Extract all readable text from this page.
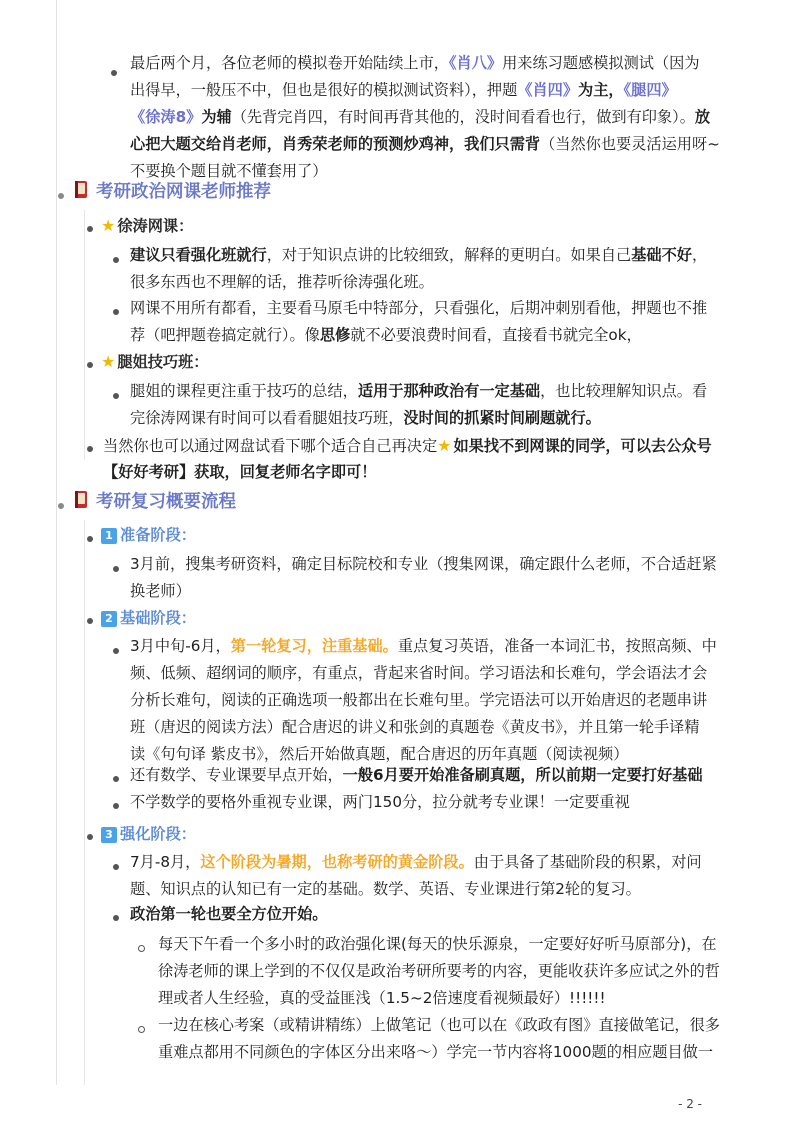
最后两个月，各位老师的模拟卷开始陆续上市，《肖八》用来练习题感模拟测试（因为
出得早，一般压不中，但也是很好的模拟测试资料），押题《肖四》为主，《腿四》
《徐涛8》为辅（先背完肖四，有时间再背其他的，没时间看看也行，做到有印象）。放
心把大题交给肖老师，肖秀荣老师的预测炒鸡神，我们只需背（当然你也要灵活运用呀~
不要换个题目就不懂套用了）
考研政治网课老师推荐
★ 徐涛网课：
建议只看强化班就行，对于知识点讲的比较细致，解释的更明白。如果自己基础不好，
很多东西也不理解的话，推荐听徐涛强化班。
网课不用所有都看，主要看马原毛中特部分，只看强化，后期冲刺别看他，押题也不推
荐（吧押题卷搞定就行）。像思修就不必要浪费时间看，直接看书就完全ok，
★ 腿姐技巧班：
腿姐的课程更注重于技巧的总结，适用于那种政治有一定基础，也比较理解知识点。看
完徐涛网课有时间可以看看腿姐技巧班，没时间的抓紧时间刷题就行。
当然你也可以通过网盘试看下哪个适合自己再决定★ 如果找不到网课的同学，可以去公众号
【好好考研】获取，回复老师名字即可！
考研复习概要流程
1 准备阶段：
3月前，搜集考研资料，确定目标院校和专业（搜集网课，确定跟什么老师，不合适赶紧
换老师）
2 基础阶段：
3月中旬-6月，第一轮复习，注重基础。重点复习英语，准备一本词汇书，按照高频、中
频、低频、超纲词的顺序，有重点，背起来省时间。学习语法和长难句，学会语法才会
分析长难句，阅读的正确选项一般都出在长难句里。学完语法可以开始唐迟的老题串讲
班（唐迟的阅读方法）配合唐迟的讲义和张剑的真题卷《黄皮书》，并且第一轮手译精
读《句句译 紫皮书》，然后开始做真题，配合唐迟的历年真题（阅读视频）
还有数学、专业课要早点开始，一般6月要开始准备刷真题，所以前期一定要打好基础
不学数学的要格外重视专业课，两门150分，拉分就考专业课！一定要重视
3 强化阶段：
7月-8月，这个阶段为暑期，也称考研的黄金阶段。由于具备了基础阶段的积累，对问
题、知识点的认知已有一定的基础。数学、英语、专业课进行第2轮的复习。
政治第一轮也要全方位开始。
每天下午看一个多小时的政治强化课(每天的快乐源泉，一定要好好听马原部分)，在
徐涛老师的课上学到的不仅仅是政治考研所要考的内容，更能收获许多应试之外的哲
理或者人生经验，真的受益匪浅（1.5~2倍速度看视频最好）!!!!!!
一边在核心考案（或精讲精练）上做笔记（也可以在《政政有图》直接做笔记，很多
重难点都用不同颜色的字体区分出来咯～）学完一节内容将1000题的相应题目做一
- 2 -
